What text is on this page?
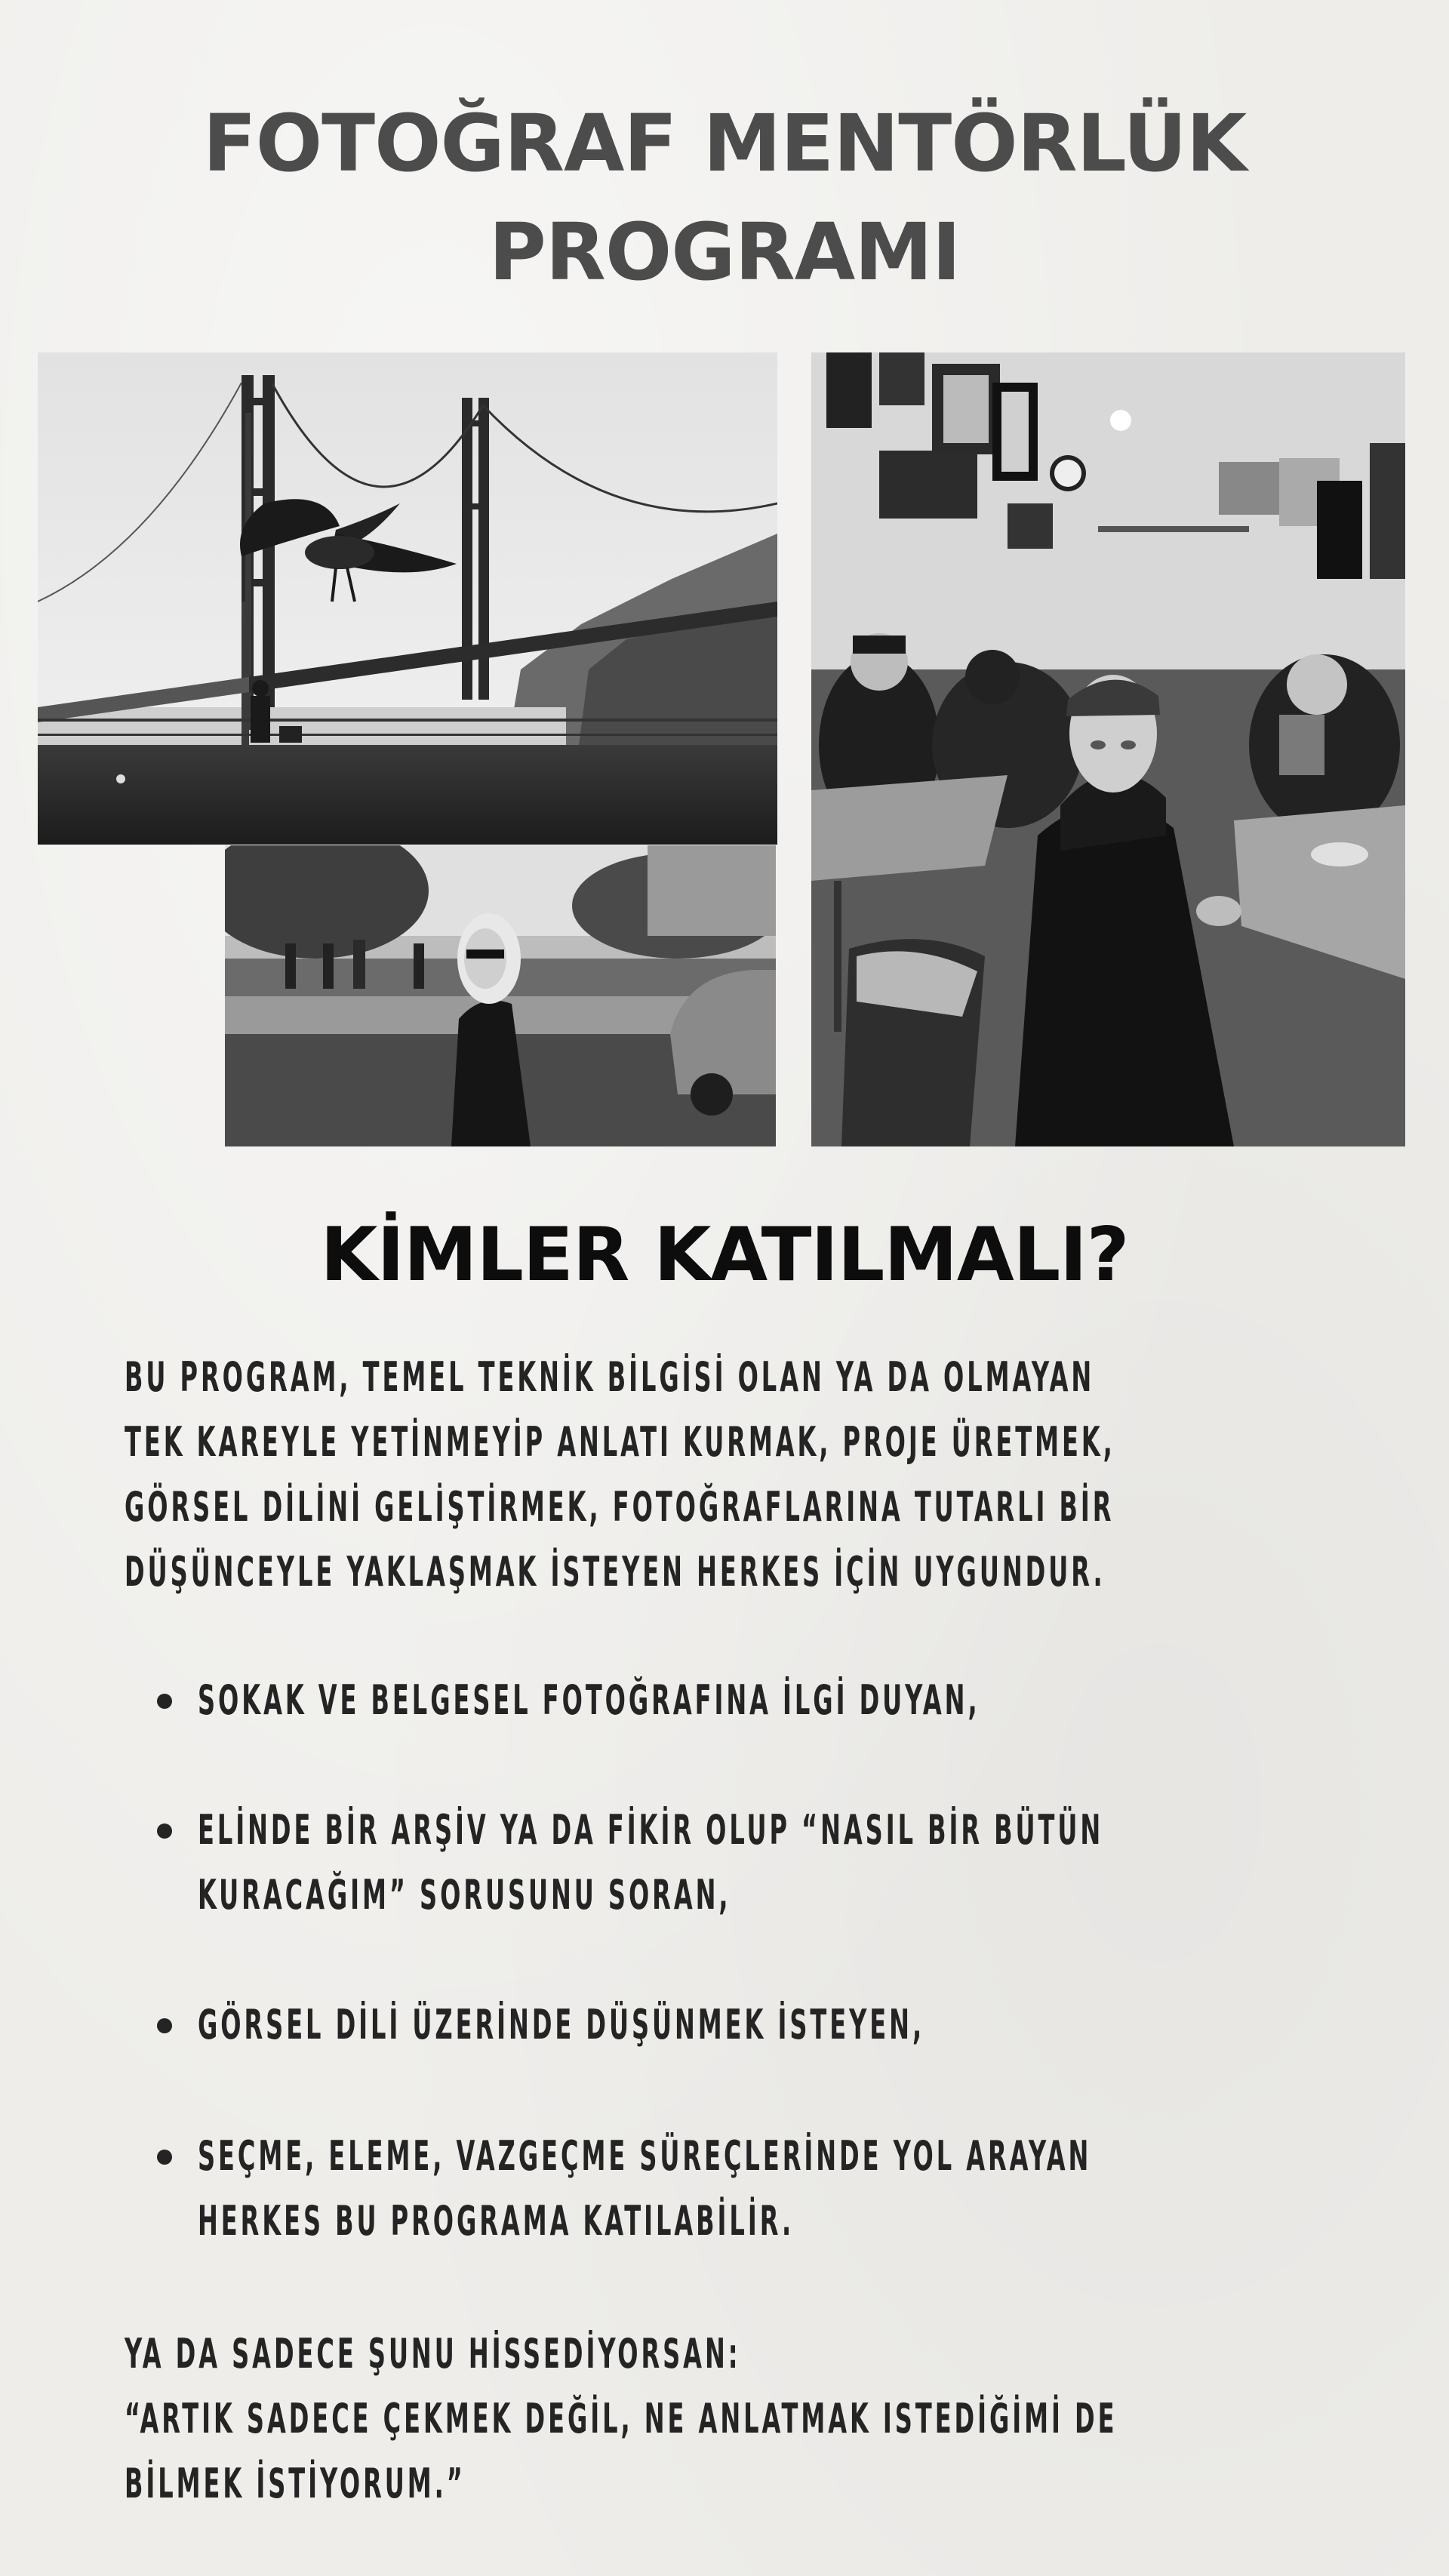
FOTOĞRAF MENTÖRLÜK
PROGRAMI
KİMLER KATILMALI?
BU PROGRAM, TEMEL TEKNİK BİLGİSİ OLAN YA DA OLMAYAN
TEK KAREYLE YETİNMEYİP ANLATI KURMAK, PROJE ÜRETMEK,
GÖRSEL DİLİNİ GELİŞTİRMEK, FOTOĞRAFLARINA TUTARLI BİR
DÜŞÜNCEYLE YAKLAŞMAK İSTEYEN HERKES İÇİN UYGUNDUR.
SOKAK VE BELGESEL FOTOĞRAFINA İLGİ DUYAN,
ELİNDE BİR ARŞİV YA DA FİKİR OLUP “NASIL BİR BÜTÜN
KURACAĞIM” SORUSUNU SORAN,
GÖRSEL DİLİ ÜZERİNDE DÜŞÜNMEK İSTEYEN,
SEÇME, ELEME, VAZGEÇME SÜREÇLERİNDE YOL ARAYAN
HERKES BU PROGRAMA KATILABİLİR.
YA DA SADECE ŞUNU HİSSEDİYORSAN:
“ARTIK SADECE ÇEKMEK DEĞİL, NE ANLATMAK ISTEDİĞİMİ DE
BİLMEK İSTİYORUM.”
